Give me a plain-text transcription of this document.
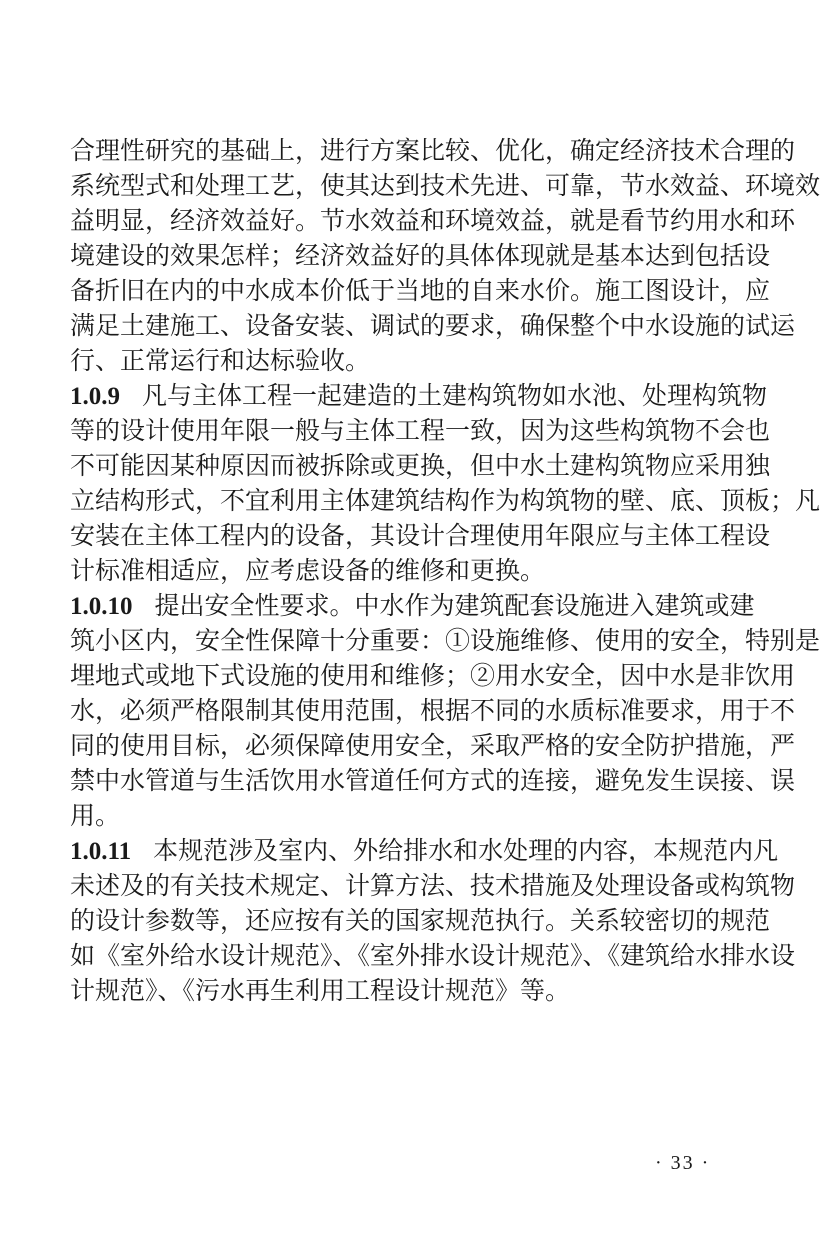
合理性研究的基础上，进行方案比较、优化，确定经济技术合理的
系统型式和处理工艺，使其达到技术先进、可靠，节水效益、环境效
益明显，经济效益好。节水效益和环境效益，就是看节约用水和环
境建设的效果怎样；经济效益好的具体体现就是基本达到包括设
备折旧在内的中水成本价低于当地的自来水价。施工图设计，应
满足土建施工、设备安装、调试的要求，确保整个中水设施的试运
行、正常运行和达标验收。
1.0.9 凡与主体工程一起建造的土建构筑物如水池、处理构筑物
等的设计使用年限一般与主体工程一致，因为这些构筑物不会也
不可能因某种原因而被拆除或更换，但中水土建构筑物应采用独
立结构形式，不宜利用主体建筑结构作为构筑物的壁、底、顶板；凡
安装在主体工程内的设备，其设计合理使用年限应与主体工程设
计标准相适应，应考虑设备的维修和更换。
1.0.10 提出安全性要求。中水作为建筑配套设施进入建筑或建
筑小区内，安全性保障十分重要：①设施维修、使用的安全，特别是
埋地式或地下式设施的使用和维修；②用水安全，因中水是非饮用
水，必须严格限制其使用范围，根据不同的水质标准要求，用于不
同的使用目标，必须保障使用安全，采取严格的安全防护措施，严
禁中水管道与生活饮用水管道任何方式的连接，避免发生误接、误
用。
1.0.11 本规范涉及室内、外给排水和水处理的内容，本规范内凡
未述及的有关技术规定、计算方法、技术措施及处理设备或构筑物
的设计参数等，还应按有关的国家规范执行。关系较密切的规范
如《室外给水设计规范》、《室外排水设计规范》、《建筑给水排水设
计规范》、《污水再生利用工程设计规范》等。
· 33 ·
